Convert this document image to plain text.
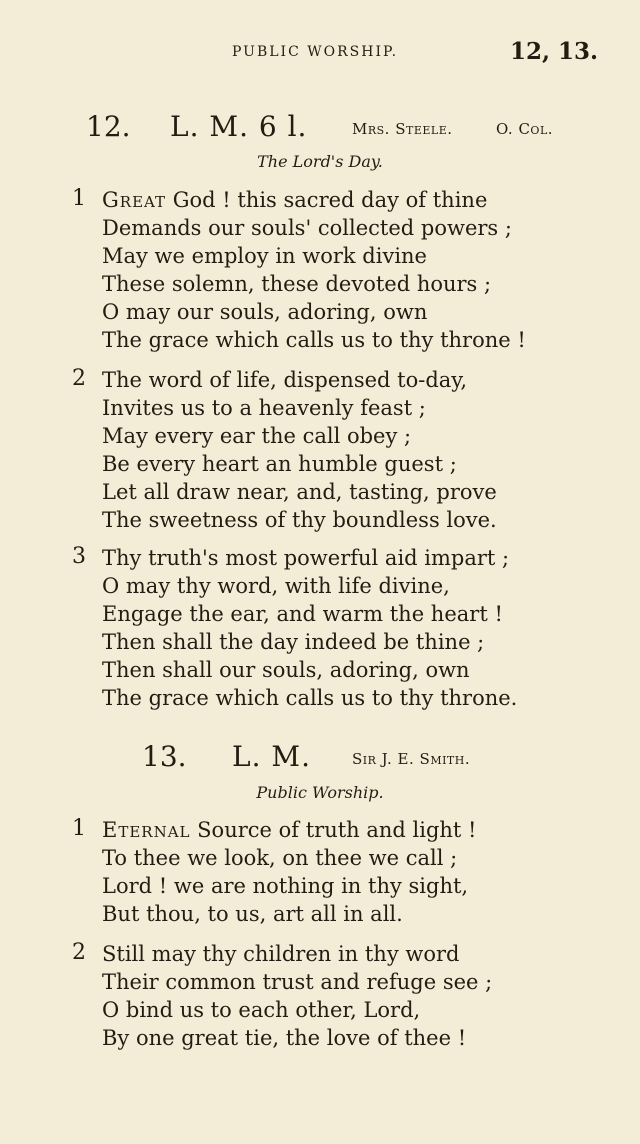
PUBLIC WORSHIP.	12, 13.
12. L. M. 6 l.	Mrs. Steele.	O. Col.
The Lord's Day.
1 Great God ! this sacred day of thine
Demands our souls' collected powers ;
May we employ in work divine
These solemn, these devoted hours ;
O may our souls, adoring, own
The grace which calls us to thy throne !
2 The word of life, dispensed to-day,
Invites us to a heavenly feast ;
May every ear the call obey ;
Be every heart an humble guest ;
Let all draw near, and, tasting, prove
The sweetness of thy boundless love.
3 Thy truth's most powerful aid impart ;
O may thy word, with life divine,
Engage the ear, and warm the heart !
Then shall the day indeed be thine ;
Then shall our souls, adoring, own
The grace which calls us to thy throne.
13. L. M.	Sir J. E. Smith.
Public Worship.
1 Eternal Source of truth and light !
To thee we look, on thee we call ;
Lord ! we are nothing in thy sight,
But thou, to us, art all in all.
2 Still may thy children in thy word
Their common trust and refuge see ;
O bind us to each other, Lord,
By one great tie, the love of thee !
